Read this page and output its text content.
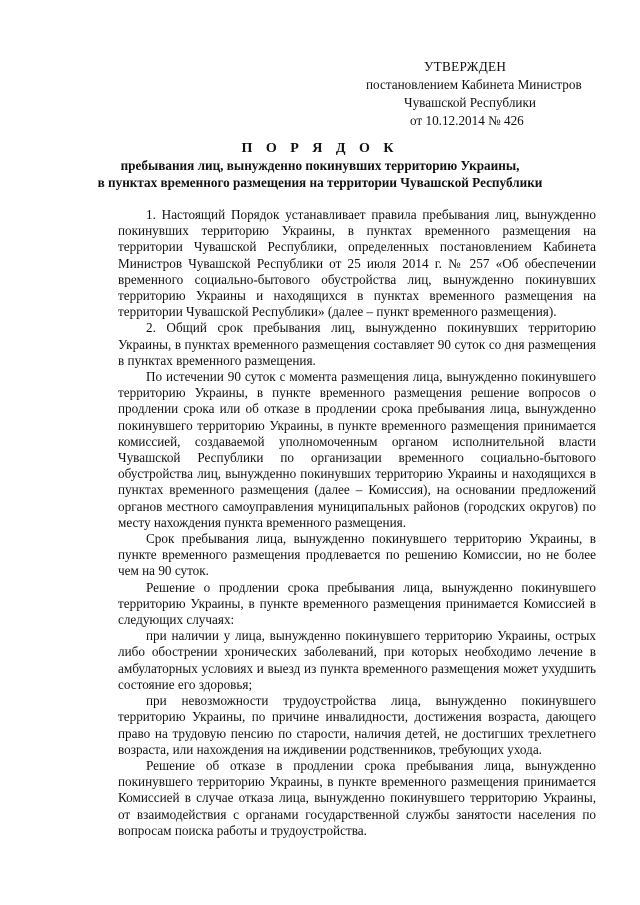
УТВЕРЖДЕН
постановлением Кабинета Министров
Чувашской Республики
от 10.12.2014 № 426
П О Р Я Д О К
пребывания лиц, вынужденно покинувших территорию Украины,
в пунктах временного размещения на территории Чувашской Республики

1. Настоящий Порядок устанавливает правила пребывания лиц, вынужденно покинувших территорию Украины, в пунктах временного размещения на территории Чувашской Республики, определенных постановлением Кабинета Министров Чувашской Республики от 25 июля 2014 г. № 257 «Об обеспечении временного социально-бытового обустройства лиц, вынужденно покинувших территорию Украины и находящихся в пунктах временного размещения на территории Чувашской Республики» (далее – пункт временного размещения).

2. Общий срок пребывания лиц, вынужденно покинувших территорию Украины, в пунктах временного размещения составляет 90 суток со дня размещения в пунктах временного размещения.

По истечении 90 суток с момента размещения лица, вынужденно покинувшего территорию Украины, в пункте временного размещения решение вопросов о продлении срока или об отказе в продлении срока пребывания лица, вынужденно покинувшего территорию Украины, в пункте временного размещения принимается комиссией, создаваемой уполномоченным органом исполнительной власти Чувашской Республики по организации временного социально-бытового обустройства лиц, вынужденно покинувших территорию Украины и находящихся в пунктах временного размещения (далее – Комиссия), на основании предложений органов местного самоуправления муниципальных районов (городских округов) по месту нахождения пункта временного размещения.

Срок пребывания лица, вынужденно покинувшего территорию Украины, в пункте временного размещения продлевается по решению Комиссии, но не более чем на 90 суток.

Решение о продлении срока пребывания лица, вынужденно покинувшего территорию Украины, в пункте временного размещения принимается Комиссией в следующих случаях:

при наличии у лица, вынужденно покинувшего территорию Украины, острых либо обострении хронических заболеваний, при которых необходимо лечение в амбулаторных условиях и выезд из пункта временного размещения может ухудшить состояние его здоровья;

при невозможности трудоустройства лица, вынужденно покинувшего территорию Украины, по причине инвалидности, достижения возраста, дающего право на трудовую пенсию по старости, наличия детей, не достигших трехлетнего возраста, или нахождения на иждивении родственников, требующих ухода.

Решение об отказе в продлении срока пребывания лица, вынужденно покинувшего территорию Украины, в пункте временного размещения принимается Комиссией в случае отказа лица, вынужденно покинувшего территорию Украины, от взаимодействия с органами государственной службы занятости населения по вопросам поиска работы и трудоустройства.
